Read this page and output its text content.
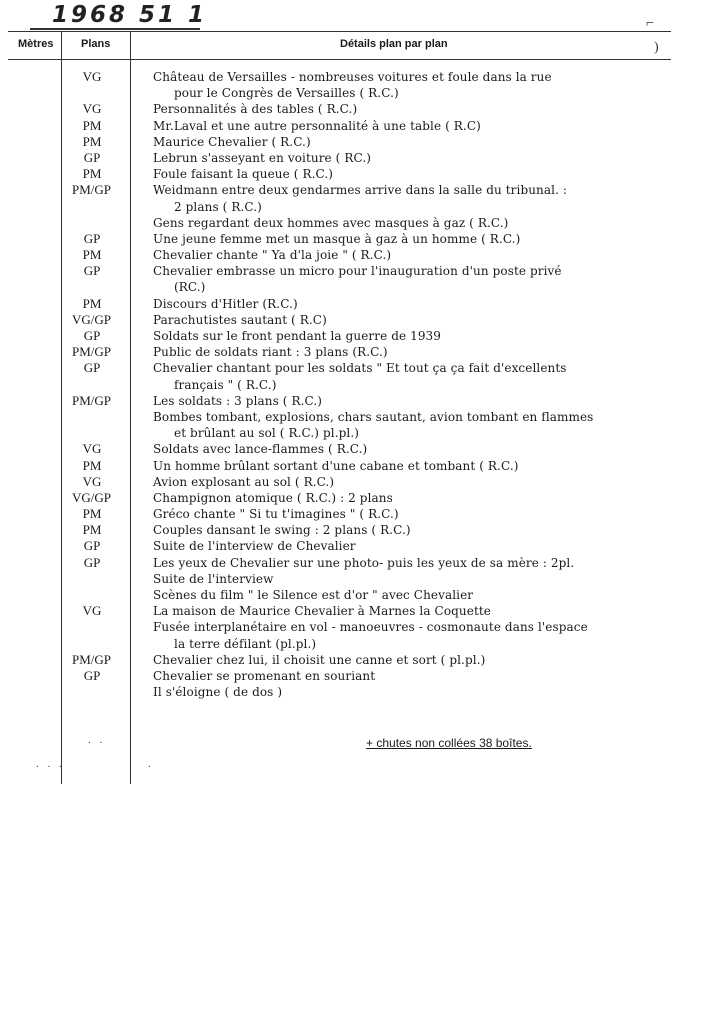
1968 51 1	⌐
)
Mètres	Plans	Détails plan par plan
VG	Château de Versailles - nombreuses voitures et foule dans la rue
pour le Congrès de Versailles ( R.C.)
VG	Personnalités à des tables ( R.C.)
PM	Mr.Laval et une autre personnalité à une table ( R.C)
PM	Maurice Chevalier ( R.C.)
GP	Lebrun s'asseyant en voiture ( RC.)
PM	Foule faisant la queue ( R.C.)
PM/GP	Weidmann entre deux gendarmes arrive dans la salle du tribunal. :
2 plans ( R.C.)
Gens regardant deux hommes avec masques à gaz ( R.C.)
GP	Une jeune femme met un masque à gaz à un homme ( R.C.)
PM	Chevalier chante " Ya d'la joie " ( R.C.)
GP	Chevalier embrasse un micro pour l'inauguration d'un poste privé
(RC.)
PM	Discours d'Hitler (R.C.)
VG/GP	Parachutistes sautant ( R.C)
GP	Soldats sur le front pendant la guerre de 1939
PM/GP	Public de soldats riant : 3 plans (R.C.)
GP	Chevalier chantant pour les soldats " Et tout ça ça fait d'excellents
français " ( R.C.)
PM/GP	Les soldats : 3 plans ( R.C.)
Bombes tombant, explosions, chars sautant, avion tombant en flammes
et brûlant au sol ( R.C.) pl.pl.)
VG	Soldats avec lance-flammes ( R.C.)
PM	Un homme brûlant sortant d'une cabane et tombant ( R.C.)
VG	Avion explosant au sol ( R.C.)
VG/GP	Champignon atomique ( R.C.) : 2 plans
PM	Gréco chante " Si tu t'imagines " ( R.C.)
PM	Couples dansant le swing : 2 plans ( R.C.)
GP	Suite de l'interview de Chevalier
GP	Les yeux de Chevalier sur une photo- puis les yeux de sa mère : 2pl.
Suite de l'interview
Scènes du film " le Silence est d'or " avec Chevalier
VG	La maison de Maurice Chevalier à Marnes la Coquette
Fusée interplanétaire en vol - manoeuvres - cosmonaute dans l'espace
la terre défilant (pl.pl.)
PM/GP	Chevalier chez lui, il choisit une canne et sort ( pl.pl.)
GP	Chevalier se promenant en souriant
Il s'éloigne ( de dos )
+ chutes non collées 38 boîtes.
. .
. . .	.
